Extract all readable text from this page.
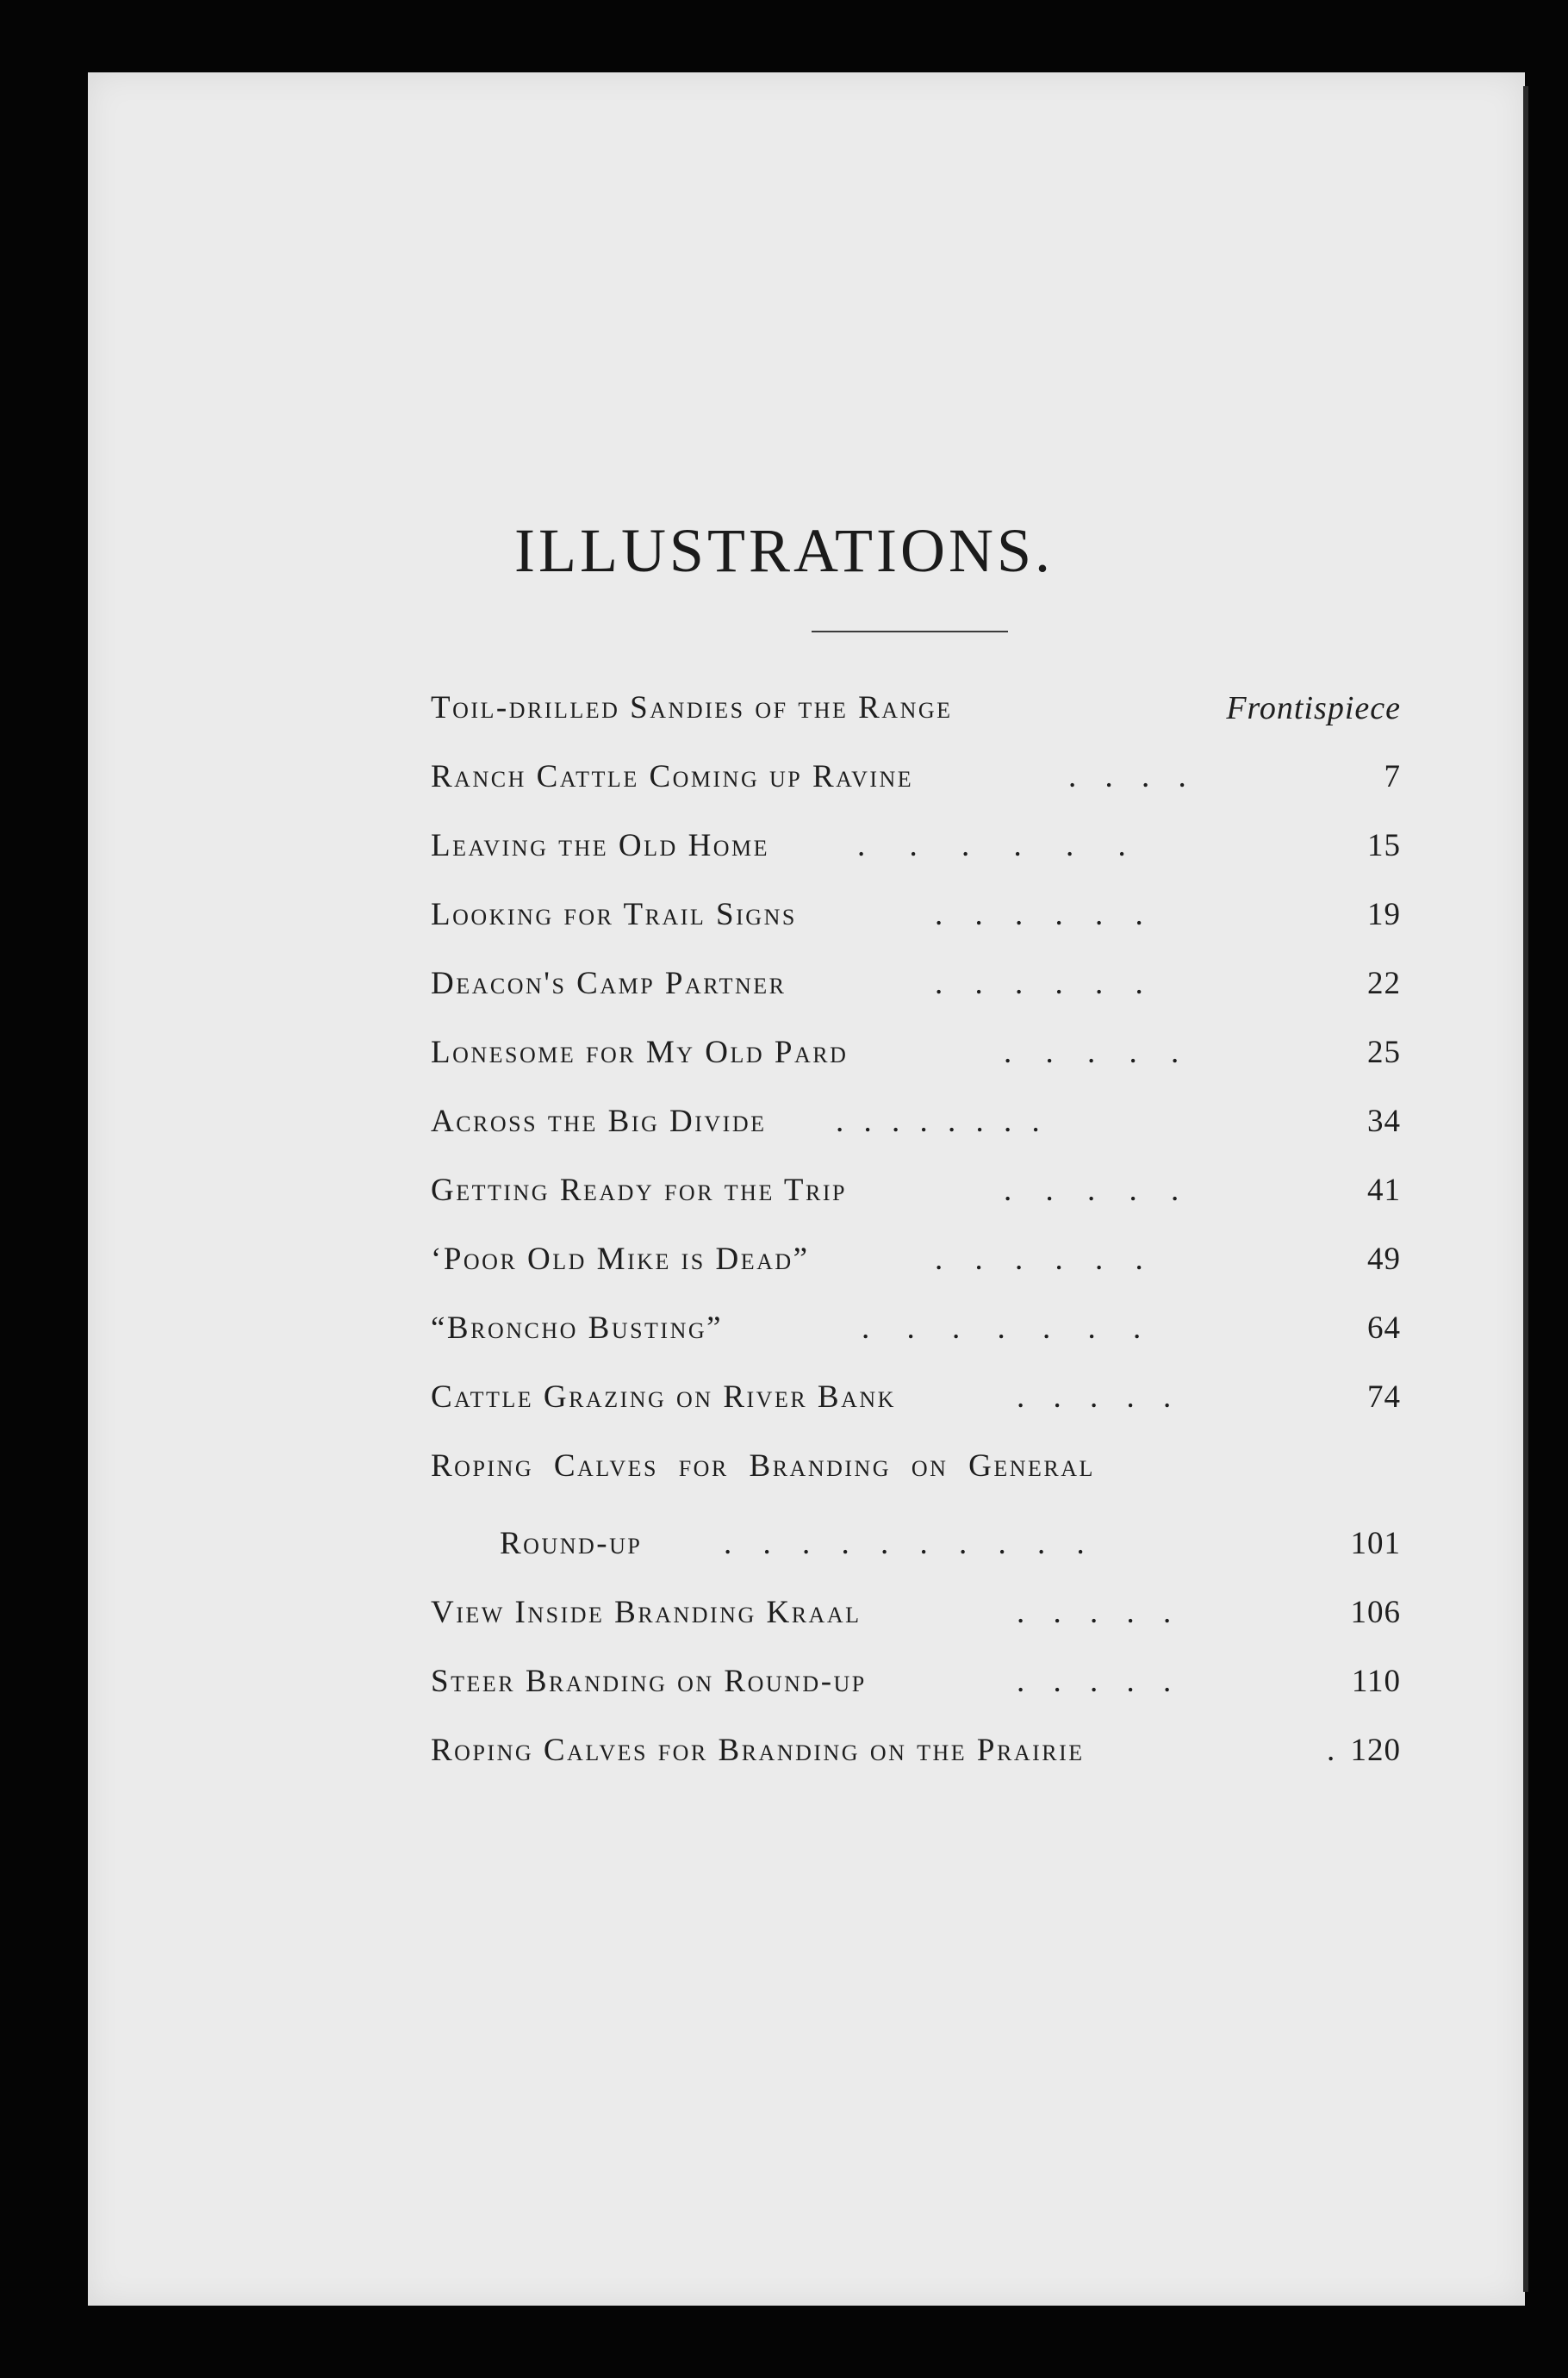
ILLUSTRATIONS.
Toil-drilled Sandies of the Range	Frontispiece
Ranch Cattle Coming up Ravine	. . . .	7
Leaving the Old Home	. . . . . .	15
Looking for Trail Signs	. . . . . .	19
Deacon's Camp Partner	. . . . . .	22
Lonesome for My Old Pard	. . . . .	25
Across the Big Divide . . . . . . . .	34
Getting Ready for the Trip	. . . . .	41
‘Poor Old Mike is Dead”	. . . . . .	49
“Broncho Busting”	. . . . . . .	64
Cattle Grazing on River Bank	. . . . .	74
Roping Calves for Branding on General
Round-up	. . . . . . . . . .	101
View Inside Branding Kraal	. . . . .	106
Steer Branding on Round-up	. . . . .	110
Roping Calves for Branding on the Prairie	. 120
